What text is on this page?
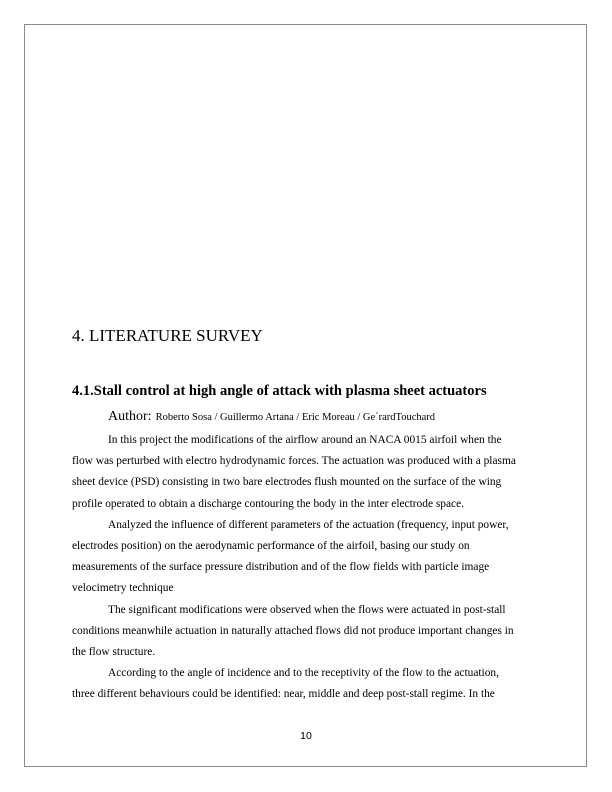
4. LITERATURE SURVEY
4.1.Stall control at high angle of attack with plasma sheet actuators
Author: Roberto Sosa / Guillermo Artana / Eric Moreau / Ge´rardTouchard
In this project the modifications of the airflow around an NACA 0015 airfoil when the
flow was perturbed with electro hydrodynamic forces. The actuation was produced with a plasma
sheet device (PSD) consisting in two bare electrodes flush mounted on the surface of the wing
profile operated to obtain a discharge contouring the body in the inter electrode space.
Analyzed the influence of different parameters of the actuation (frequency, input power,
electrodes position) on the aerodynamic performance of the airfoil, basing our study on
measurements of the surface pressure distribution and of the flow fields with particle image
velocimetry technique
The significant modifications were observed when the flows were actuated in post-stall
conditions meanwhile actuation in naturally attached flows did not produce important changes in
the flow structure.
According to the angle of incidence and to the receptivity of the flow to the actuation,
three different behaviours could be identified: near, middle and deep post-stall regime. In the
10
